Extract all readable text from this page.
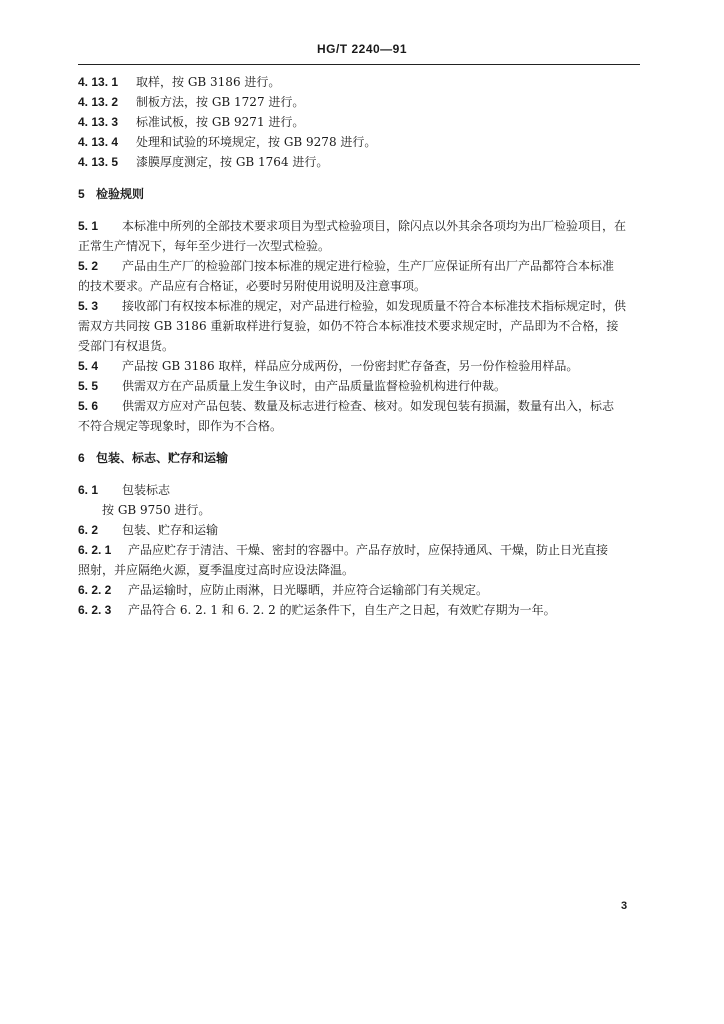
HG/T 2240—91
4. 13. 1 取样，按 GB 3186 进行。
4. 13. 2 制板方法，按 GB 1727 进行。
4. 13. 3 标准试板，按 GB 9271 进行。
4. 13. 4 处理和试验的环境规定，按 GB 9278 进行。
4. 13. 5 漆膜厚度测定，按 GB 1764 进行。
5 检验规则
5. 1 本标准中所列的全部技术要求项目为型式检验项目，除闪点以外其余各项均为出厂检验项目，在
正常生产情况下，每年至少进行一次型式检验。
5. 2 产品由生产厂的检验部门按本标准的规定进行检验，生产厂应保证所有出厂产品都符合本标准
的技术要求。产品应有合格证，必要时另附使用说明及注意事项。
5. 3 接收部门有权按本标准的规定，对产品进行检验，如发现质量不符合本标准技术指标规定时，供
需双方共同按 GB 3186 重新取样进行复验，如仍不符合本标准技术要求规定时，产品即为不合格，接
受部门有权退货。
5. 4 产品按 GB 3186 取样，样品应分成两份，一份密封贮存备查，另一份作检验用样品。
5. 5 供需双方在产品质量上发生争议时，由产品质量监督检验机构进行仲裁。
5. 6 供需双方应对产品包装、数量及标志进行检查、核对。如发现包装有损漏，数量有出入，标志
不符合规定等现象时，即作为不合格。
6 包装、标志、贮存和运输
6. 1 包装标志
按 GB 9750 进行。
6. 2 包装、贮存和运输
6. 2. 1 产品应贮存于清洁、干燥、密封的容器中。产品存放时，应保持通风、干燥，防止日光直接
照射，并应隔绝火源，夏季温度过高时应设法降温。
6. 2. 2 产品运输时，应防止雨淋，日光曝晒，并应符合运输部门有关规定。
6. 2. 3 产品符合 6. 2. 1 和 6. 2. 2 的贮运条件下，自生产之日起，有效贮存期为一年。
3
